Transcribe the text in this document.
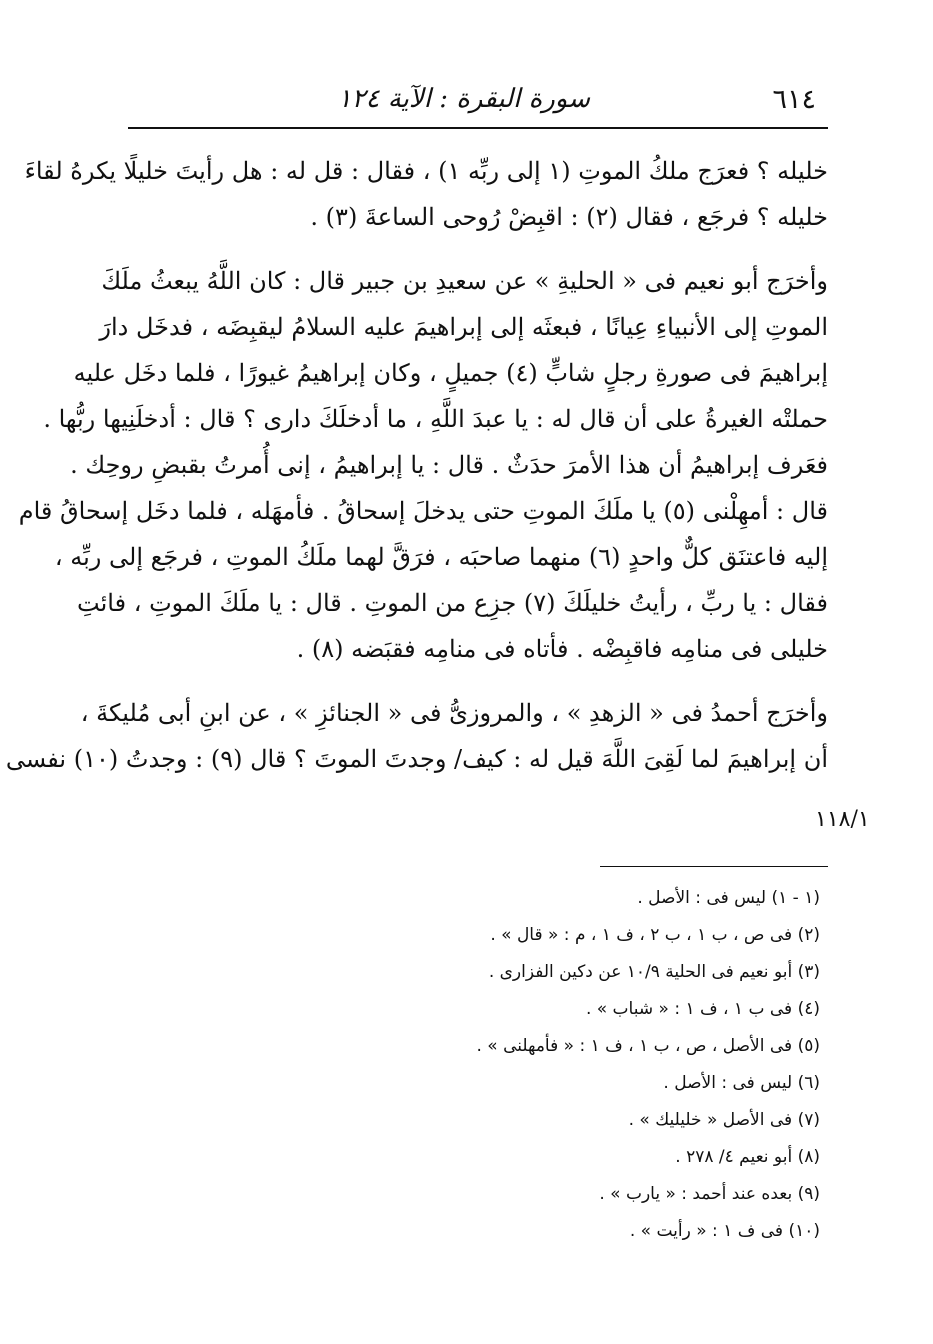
٦١٤
سورة البقرة : الآية ١٢٤
خليله ؟ فعرَج ملكُ الموتِ (١ إلى ربِّه ١) ، فقال : قل له : هل رأيتَ خليلًا يكرهُ لقاءَ
خليله ؟ فرجَع ، فقال (٢) : اقبِضْ رُوحى الساعةَ (٣) .
وأخرَج أبو نعيم فى « الحليةِ » عن سعيدِ بن جبير قال : كان اللَّهُ يبعثُ ملَكَ
الموتِ إلى الأنبياءِ عِيانًا ، فبعثَه إلى إبراهيمَ عليه السلامُ ليقبِضَه ، فدخَل دارَ
إبراهيمَ فى صورةِ رجلٍ شابٍّ (٤) جميلٍ ، وكان إبراهيمُ غيورًا ، فلما دخَل عليه
حملتْه الغيرةُ على أن قال له : يا عبدَ اللَّهِ ، ما أدخلَكَ دارى ؟ قال : أدخلَنِيها ربُّها .
فعَرف إبراهيمُ أن هذا الأمرَ حدَثٌ . قال : يا إبراهيمُ ، إنى أُمرتُ بقبضِ روحِك .
قال : أمهِلْنى (٥) يا ملَكَ الموتِ حتى يدخلَ إسحاقُ . فأمهَله ، فلما دخَل إسحاقُ قام
إليه فاعتنَق كلٌّ واحدٍ (٦) منهما صاحبَه ، فرَقَّ لهما ملَكُ الموتِ ، فرجَع إلى ربِّه ،
فقال : يا ربِّ ، رأيتُ خليلَكَ (٧) جزِع من الموتِ . قال : يا ملَكَ الموتِ ، فائتِ
خليلى فى منامِه فاقبِضْه . فأتاه فى منامِه فقبَضه (٨) .
وأخرَج أحمدُ فى « الزهدِ » ، والمروزىُّ فى « الجنائزِ » ، عن ابنِ أبى مُليكةَ ،
أن إبراهيمَ لما لَقِىَ اللَّهَ قيل له : كيف/ وجدتَ الموتَ ؟ قال (٩) : وجدتُ (١٠) نفسى
١١٨/١
(١ - ١) ليس فى : الأصل .
(٢) فى ص ، ب ١ ، ب ٢ ، ف ١ ، م : « قال » .
(٣) أبو نعيم فى الحلية ١٠/٩ عن دكين الفزارى .
(٤) فى ب ١ ، ف ١ : « شباب » .
(٥) فى الأصل ، ص ، ب ١ ، ف ١ : « فأمهلنى » .
(٦) ليس فى : الأصل .
(٧) فى الأصل « خليليك » .
(٨) أبو نعيم ٤/ ٢٧٨ .
(٩) بعده عند أحمد : « يارب » .
(١٠) فى ف ١ : « رأيت » .
